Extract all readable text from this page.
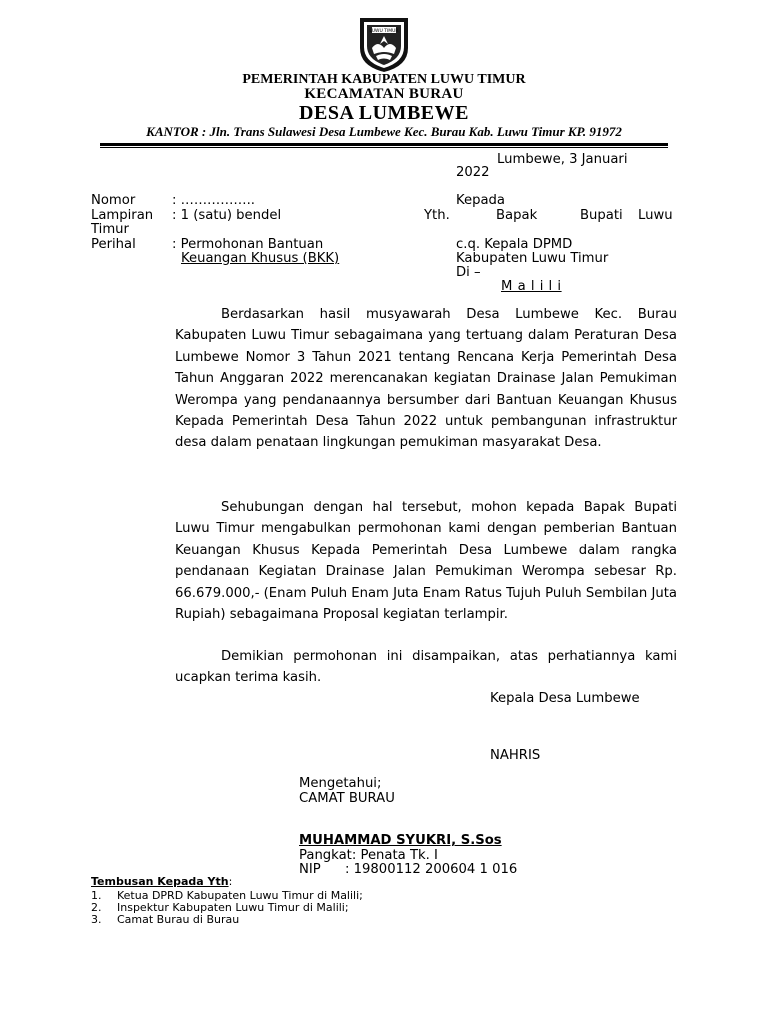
LUWU TIMUR
PEMERINTAH KABUPATEN LUWU TIMUR
KECAMATAN BURAU
DESA LUMBEWE
KANTOR : Jln. Trans Sulawesi Desa Lumbewe Kec. Burau Kab. Luwu Timur KP. 91972
Lumbewe, 3 Januari
2022
Nomor	: ……………..
Lampiran : 1 (satu) bendel
Perihal	: Permohonan Bantuan
Keuangan Khusus (BKK)
Kepada
Yth.	Bapak	Bupati Luwu
Timur
c.q. Kepala DPMD
Kabupaten Luwu Timur
Di –
M a l i l i
Berdasarkan hasil musyawarah Desa Lumbewe Kec. Burau Kabupaten Luwu Timur sebagaimana yang tertuang dalam Peraturan Desa Lumbewe Nomor 3 Tahun 2021 tentang Rencana Kerja Pemerintah Desa Tahun Anggaran 2022 merencanakan kegiatan Drainase Jalan Pemukiman Werompa yang pendanaannya bersumber dari Bantuan Keuangan Khusus Kepada Pemerintah Desa Tahun 2022 untuk pembangunan infrastruktur desa dalam penataan lingkungan pemukiman masyarakat Desa.
Sehubungan dengan hal tersebut, mohon kepada Bapak Bupati Luwu Timur mengabulkan permohonan kami dengan pemberian Bantuan Keuangan Khusus Kepada Pemerintah Desa Lumbewe dalam rangka pendanaan Kegiatan Drainase Jalan Pemukiman Werompa sebesar Rp. 66.679.000,- (Enam Puluh Enam Juta Enam Ratus Tujuh Puluh Sembilan Juta Rupiah) sebagaimana Proposal kegiatan terlampir.
Demikian permohonan ini disampaikan, atas perhatiannya kami ucapkan terima kasih.
Kepala Desa Lumbewe
NAHRIS
Mengetahui;
CAMAT BURAU
MUHAMMAD SYUKRI, S.Sos
Pangkat: Penata Tk. I
NIP : 19800112 200604 1 016
Tembusan Kepada Yth:
1. Ketua DPRD Kabupaten Luwu Timur di Malili;
2. Inspektur Kabupaten Luwu Timur di Malili;
3. Camat Burau di Burau
